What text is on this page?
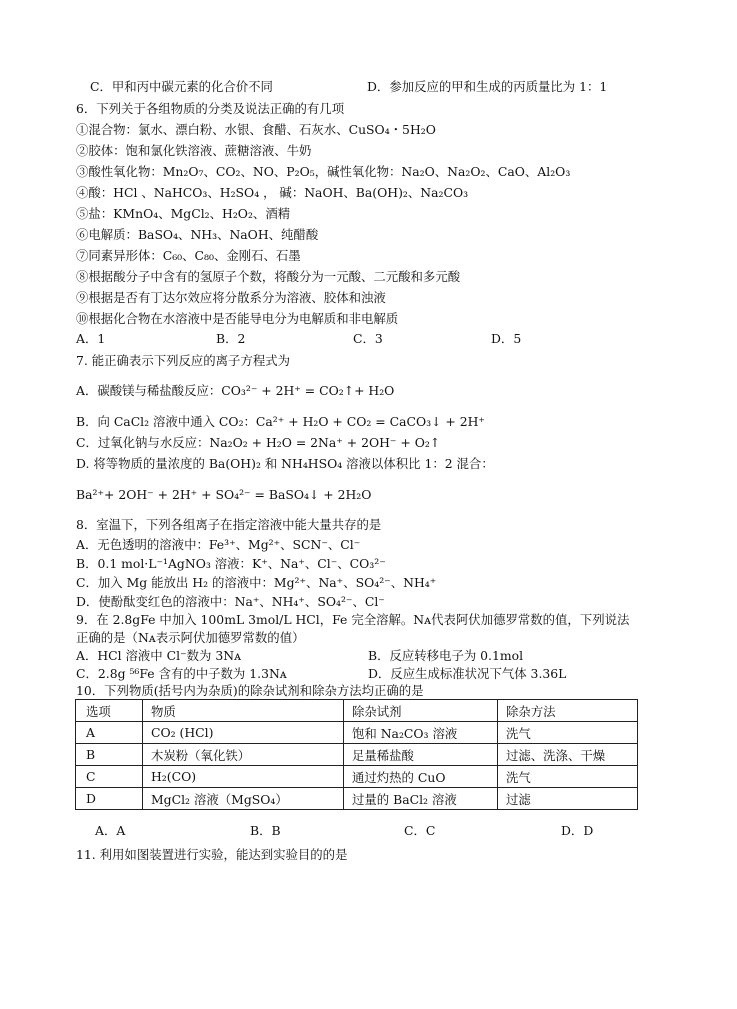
C．甲和丙中碳元素的化合价不同	D．参加反应的甲和生成的丙质量比为 1：1
6．下列关于各组物质的分类及说法正确的有几项
①混合物：氯水、漂白粉、水银、食醋、石灰水、CuSO₄・5H₂O
②胶体：饱和氯化铁溶液、蔗糖溶液、牛奶
③酸性氧化物：Mn₂O₇、CO₂、NO、P₂O₅，碱性氧化物：Na₂O、Na₂O₂、CaO、Al₂O₃
④酸：HCl 、NaHCO₃、H₂SO₄ ， 碱：NaOH、Ba(OH)₂、Na₂CO₃
⑤盐：KMnO₄、MgCl₂、H₂O₂、酒精
⑥电解质：BaSO₄、NH₃、NaOH、纯醋酸
⑦同素异形体：C₆₀、C₈₀、金刚石、石墨
⑧根据酸分子中含有的氢原子个数，将酸分为一元酸、二元酸和多元酸
⑨根据是否有丁达尔效应将分散系分为溶液、胶体和浊液
⑩根据化合物在水溶液中是否能导电分为电解质和非电解质
A．1	B．2	C．3	D．5
7. 能正确表示下列反应的离子方程式为
A．碳酸镁与稀盐酸反应：CO₃²⁻ + 2H⁺ = CO₂↑+ H₂O
B．向 CaCl₂ 溶液中通入 CO₂：Ca²⁺ + H₂O + CO₂ = CaCO₃↓ + 2H⁺
C．过氧化钠与水反应：Na₂O₂ + H₂O = 2Na⁺ + 2OH⁻ + O₂↑
D. 将等物质的量浓度的 Ba(OH)₂ 和 NH₄HSO₄ 溶液以体积比 1：2 混合：
Ba²⁺+ 2OH⁻ + 2H⁺ + SO₄²⁻ = BaSO₄↓ + 2H₂O
8．室温下，下列各组离子在指定溶液中能大量共存的是
A．无色透明的溶液中：Fe³⁺、Mg²⁺、SCN⁻、Cl⁻
B．0.1 mol·L⁻¹AgNO₃ 溶液：K⁺、Na⁺、Cl⁻、CO₃²⁻
C．加入 Mg 能放出 H₂ 的溶液中：Mg²⁺、Na⁺、SO₄²⁻、NH₄⁺
D．使酚酞变红色的溶液中：Na⁺、NH₄⁺、SO₄²⁻、Cl⁻
9．在 2.8gFe 中加入 100mL 3mol/L HCl，Fe 完全溶解。Nᴀ代表阿伏加德罗常数的值，下列说法
正确的是（Nᴀ表示阿伏加德罗常数的值）
A．HCl 溶液中 Cl⁻数为 3Nᴀ	B．反应转移电子为 0.1mol
C．2.8g ⁵⁶Fe 含有的中子数为 1.3Nᴀ	D．反应生成标准状况下气体 3.36L
10．下列物质(括号内为杂质)的除杂试剂和除杂方法均正确的是
选项	物质	除杂试剂	除杂方法
A	CO₂ (HCl)	饱和 Na₂CO₃ 溶液	洗气
B	木炭粉（氧化铁）	足量稀盐酸	过滤、洗涤、干燥
C	H₂(CO)	通过灼热的 CuO	洗气
D	MgCl₂ 溶液（MgSO₄）	过量的 BaCl₂ 溶液	过滤
A．A	B．B	C．C	D．D
11. 利用如图装置进行实验，能达到实验目的的是
